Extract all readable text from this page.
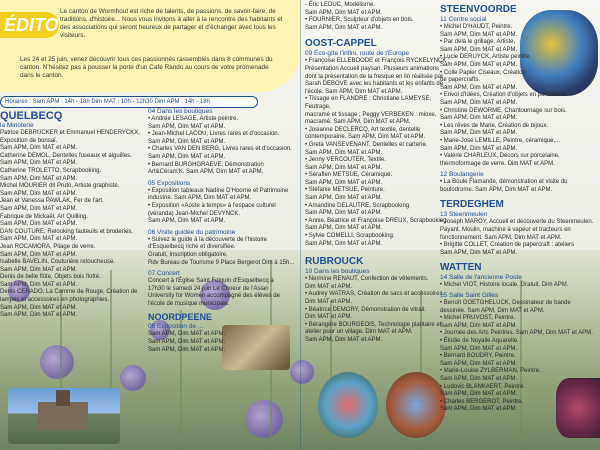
ÉDITO
Le canton de Wormhout est riche de talents, de passions, de savoir-faire, de traditions, d'histoire... Nous vous invitons à aller à la rencontre des habitants et des associations qui seront heureux de partager et d'échanger avec tous les visiteurs.
Les 24 et 25 juin, venez découvrir tous ces passionnés rassemblés dans 8 communes du canton. N'hésitez pas à pousser la porte d'un Café Rando au cours de votre promenade dans le canton.
Horaires : Sam APM : 14h - 18h Dim MAT : 10h - 12h30 Dim APM : 14h - 18h
QUELBECQ
la Minoterie
Patrice DEBRUCKER et Emmanuel HENDERYCKX,
Exposition de bonsaï.
Sam APM, Dim MAT et APM.
Catherine DEMOL, Dentelles fuseaux et aiguilles.
Sam APM, Dim MAT et APM.
Catherine TROLETTO, Scrapbooking.
Sam APM, Dim MAT et APM.
Michel MOURIER dit Pruto, Artiste graphiste.
Sam APM, Dim MAT et APM.
Jean et Vanessa PAWLAK, Fer de l'art.
Sam APM, Dim MAT et APM.
Fabrique de Mickaël, Art Quilling.
Sam APM, Dim MAT et APM.
DAN COUTURE, Relooking fauteuils et broderies.
Sam APM, Dim MAT et APM.
Jean ROCAMORA, Pliage de verre.
Sam APM, Dim MAT et APM.
Isabelle BAVELIN, Couturière retoucheuse.
Sam APM, Dim MAT et APM.
Denis de belle flûte, Objets bois flotté.
Sam APM, Dim MAT et APM.
Denis CERADO, La Comme de Rouge, Création de
lampes et accessoires en photographies.
Sam APM, Dim MAT et APM.
Sam APM, Dim MAT et APM.
04 Dans les boutiques
• Andrée LESAGE, Artiste peintre.
Sam APM, Dim MAT et APM.
• Jean-Michel LACOU, Livres rares et d'occasion.
Sam APM, Dim MAT et APM.
• Charles VAN DEN BERG, Livres rares et d'occasion.
Sam APM, Dim MAT et APM.
• Bernard BURGHGRAEVE, Démonstration
Art&Céram'K. Sam APM, Dim MAT et APM.
05 Expositions
• Exposition tableaux Nadine D'Hoorne et Patrimoine
industrie. Sam APM, Dim MAT et APM.
• Exposition «Aoste à temps» à l'espace culturel
(véranda) Jean-Michel DEVYNCK.
Sam APM, Dim MAT et APM.
06 Visite guidée du patrimoine
• Suivez le guide à la découverte de l'histoire
d'Esquelbecq riche et diversifiée.
Gratuit, Inscription obligatoire.
Rdv Bureau de Tourisme 9 Place Bergerot Dim à 15h...
07 Concert
Concert à l'Église Saint Folquin d'Esquelbecq à
17h30 le samedi 24 juin Le Choeur de l'Asian
University for Women accompagné des élèves de
l'école de musique municipale.
NOORDPEENE
08 Exposition de ...
Sam APM, Dim MAT et APM.
Sam APM, Dim MAT et APM.
Sam APM, Dim MAT et APM.
- Éric LEDUC, Modélisme.
Sam APM, Dim MAT et APM.
• FOURNIER, Sculpteur d'objets en bois.
Sam APM, Dim MAT et APM.
OOST-CAPPEL
09 Éco-gîte l'infini, route de l'Europe
• Françoise ELLEBOODE et François RYCKELYNCK :
Présentation Accueil paysan. Plusieurs animations
dont la présentation de la fresque en lin réalisée par
Sarah DEBOVE avec les habitants et les enfants de
l'école. Sam APM, Dim MAT et APM.
• Tissage en FLANDRE : Christiane LAMEYSE, Feutrage,
macramé et tissage ; Peggy VERBEKEN : mioxe,
macramé. Sam APM, Dim MAT et APM.
• Josianne DECLERCQ, Art textile, dentelle
contemporaine. Sam APM, Dim MAT et APM.
• Greta VANSEVENANT, Dentelles et carterie.
Sam APM, Dim MAT et APM.
• Jenny VERCOUTER, Textile.
Sam APM, Dim MAT et APM.
• Séraflen METSUE, Céramique.
Sam APM, Dim MAT et APM.
• Stéfanie METSUE, Peinture.
Sam APM, Dim MAT et APM.
• Amandine DELAUTRE, Scrapbooking.
Sam APM, Dim MAT et APM.
• Annie, Béatrice et Françoise DREUX, Scrapbooking.
Sam APM, Dim MAT et APM.
• Sylvie COMELLI, Scrapbooking.
Sam APM, Dim MAT et APM.
RUBROUCK
10 Dans les boutiques
• Nermine RENAUT, Confection de vêtements.
Dim MAT et APM.
• Audrey WATRAS, Création de sacs et accessoires.
Dim MAT et APM.
• Béatrice DEMORY, Démonstration de vitrail.
Dim MAT et APM.
• Bérangère BOURGEOIS, Technologie plantaire et
atelier pour un village. Dim MAT et APM.
Sam APM, Dim MAT et APM.
STEENVOORDE
11 Centre social
• Michel D'HAUDT, Peintre.
Sam APM, Dim MAT et APM.
• Par delà le grillage, Artiste,
Sam APM, Dim MAT et APM.
• Lucie DERUYCK, Artiste peintre.
Sam APM, Dim MAT et APM.
• Colle Papier Ciseaux, Création
de papercrafts.
Sam APM, Dim MAT et APM.
• Envol d'Idées, Création d'objets en porcelaine.
Sam APM, Dim MAT et APM.
• Christine DEWORME, Chantournage sur bois.
Sam APM, Dim MAT et APM.
• Les rêves de Marie, Création de bijoux.
Sam APM, Dim MAT et APM.
• Marie-José LEMILLE, Peintre, céramique,...
Sam APM, Dim MAT et APM.
• Valérie CHARLEUX, Décors sur porcelaine,
thermoformage de verre. Dim MAT et APM.
12 Boulangerie
• La Boule Flamande, démonstration et visite du
boulodrome. Sam APM, Dim MAT et APM.
TERDEGHEM
13 Steenmeulen
• Joseph MAROY, Accueil et découverte du Steenmeulen.
Payant. Moulin, machine à vapeur et tracteurs en
fonctionnement. Sam APM, Dim MAT et APM.
• Brigitte COLLET, Création de papercraft : ateliers
Sam APM, Dim MAT et APM.
WATTEN
14 Salle de l'ancienne Poste
• Michel VIOT, Histoire locale. Gratuit. Dim APM.
15 Salle Saint Gilles
• Benoît GOETGHELUCK, Dessinateur de bande
dessinée. Sam APM, Dim MAT et APM.
• Michel PRUVOST, Peintre.
Sam APM, Dim MAT et APM.
• Journée des Arts Peintres. Sam APM, Dim MAT et APM.
• Élodie de Noyalle Aquarelle.
Sam APM, Dim MAT et APM.
• Bernard BOUDRY, Peintre.
Sam APM, Dim MAT et APM.
• Marie-Louise ZYLBERMAN, Peintre.
Sam APM, Dim MAT et APM.
• Ludovic BLANKAERT, Peintre.
Sam APM, Dim MAT et APM.
• Charles BERGEROT, Peintre.
Sam APM, Dim MAT et APM.
